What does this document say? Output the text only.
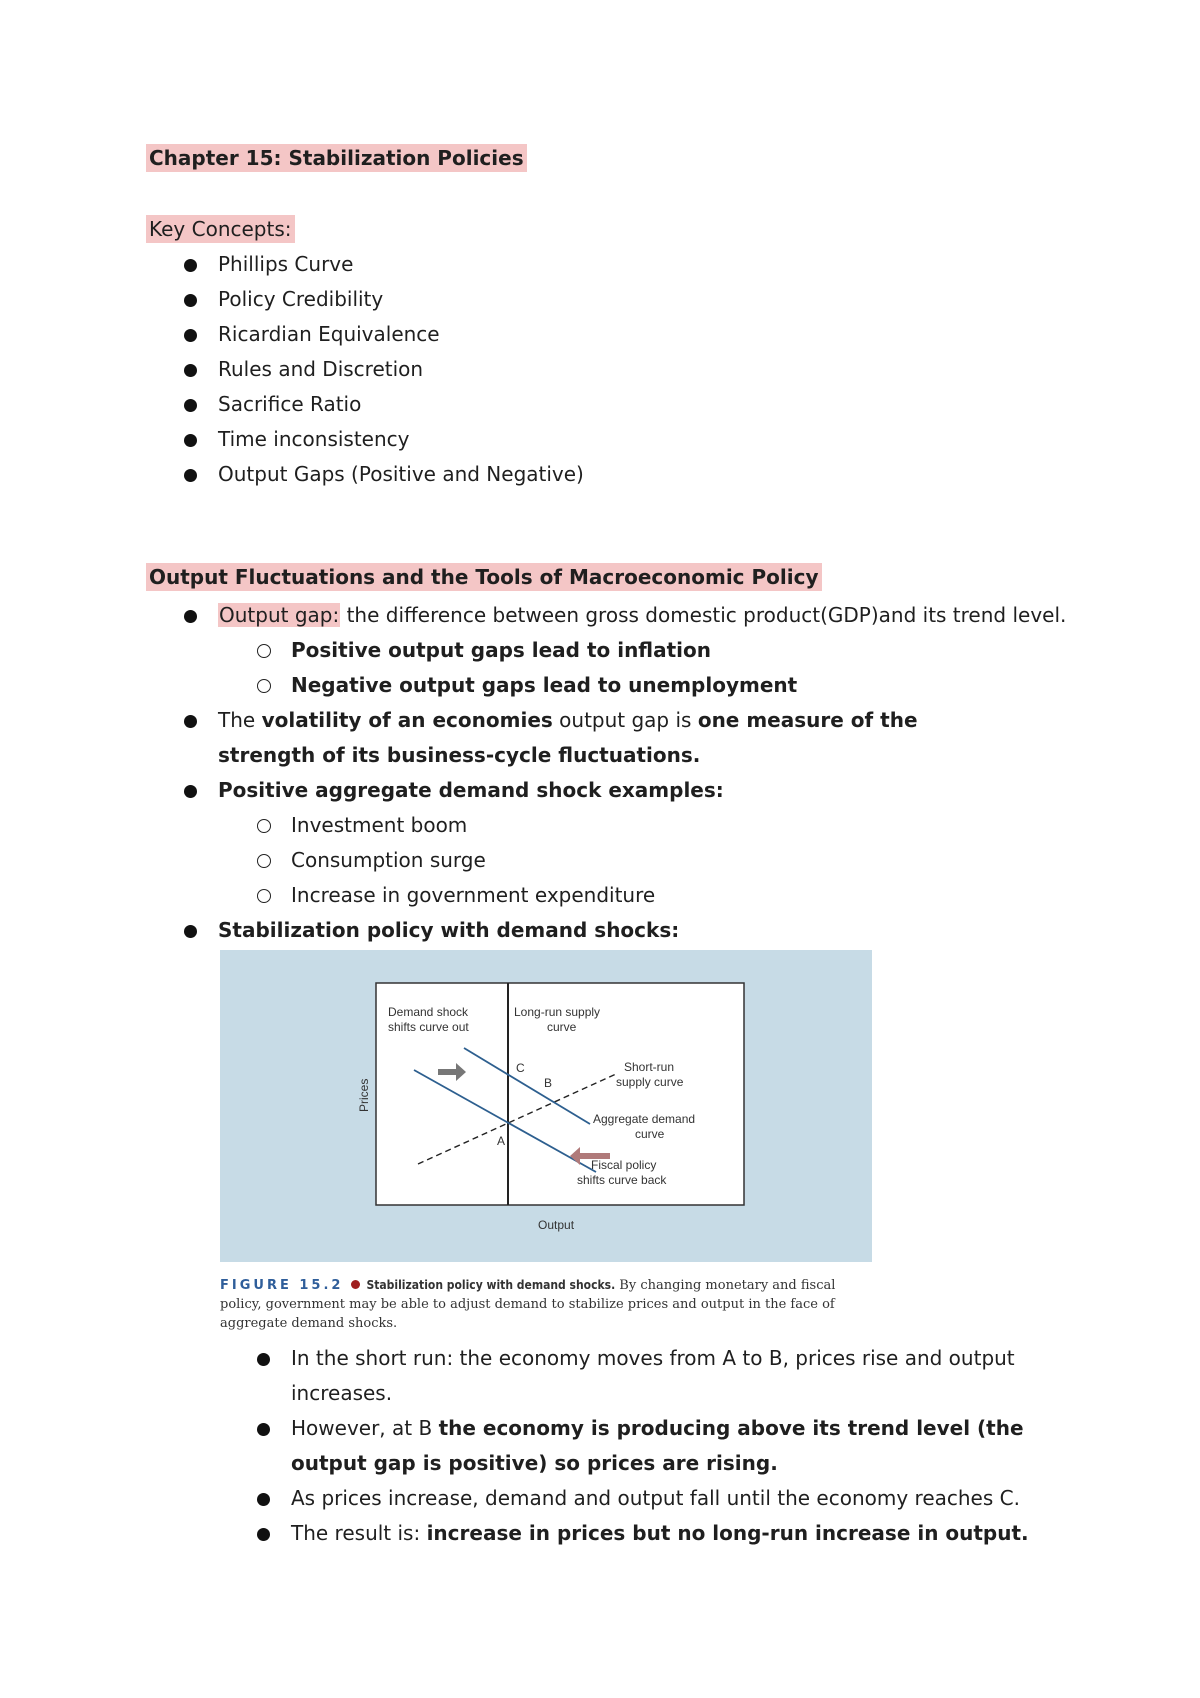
Chapter 15: Stabilization Policies
Key Concepts:
Phillips Curve
Policy Credibility
Ricardian Equivalence
Rules and Discretion
Sacrifice Ratio
Time inconsistency
Output Gaps (Positive and Negative)
Output Fluctuations and the Tools of Macroeconomic Policy
Output gap: the difference between gross domestic product(GDP)and its trend level.
Positive output gaps lead to inflation
Negative output gaps lead to unemployment
The volatility of an economies output gap is one measure of the strength of its business-cycle fluctuations.
Positive aggregate demand shock examples:
Investment boom
Consumption surge
Increase in government expenditure
Stabilization policy with demand shocks:
Demand shock
shifts curve out
Long-run supply
curve
Short-run
supply curve
Aggregate demand
curve
Fiscal policy
shifts curve back
A
B
C
Prices
Output
FIGURE 15.2 Stabilization policy with demand shocks. By changing monetary and fiscal policy, government may be able to adjust demand to stabilize prices and output in the face of aggregate demand shocks.
In the short run: the economy moves from A to B, prices rise and output increases.
However, at B the economy is producing above its trend level (the output gap is positive) so prices are rising.
As prices increase, demand and output fall until the economy reaches C.
The result is: increase in prices but no long-run increase in output.
